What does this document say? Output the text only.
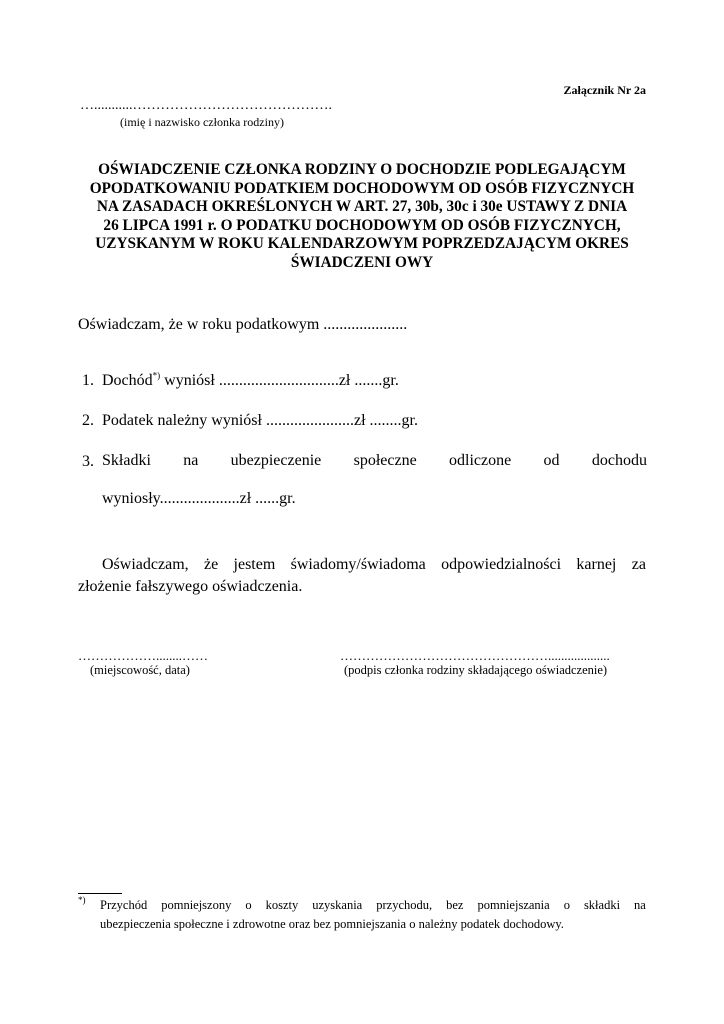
Załącznik Nr 2a
…...........…………………………………….
(imię i nazwisko członka rodziny)
OŚWIADCZENIE CZŁONKA RODZINY O DOCHODZIE PODLEGAJĄCYM
OPODATKOWANIU PODATKIEM DOCHODOWYM OD OSÓB FIZYCZNYCH
NA ZASADACH OKREŚLONYCH W ART. 27, 30b, 30c i 30e USTAWY Z DNIA
26 LIPCA 1991 r. O PODATKU DOCHODOWYM OD OSÓB FIZYCZNYCH,
UZYSKANYM W ROKU KALENDARZOWYM POPRZEDZAJĄCYM OKRES
ŚWIADCZENI OWY
Oświadczam, że w roku podatkowym .....................
1. Dochód*) wyniósł ..............................zł .......gr.
2. Podatek należny wyniósł ......................zł ........gr.
3. Składki na ubezpieczenie społeczne odliczone od dochodu
wyniosły....................zł ......gr.
Oświadczam, że jestem świadomy/świadoma odpowiedzialności karnej za
złożenie fałszywego oświadczenia.
………………........……
(miejscowość, data)
…………………………………………...................
(podpis członka rodziny składającego oświadczenie)
*) Przychód pomniejszony o koszty uzyskania przychodu, bez pomniejszania o składki na
ubezpieczenia społeczne i zdrowotne oraz bez pomniejszania o należny podatek dochodowy.
